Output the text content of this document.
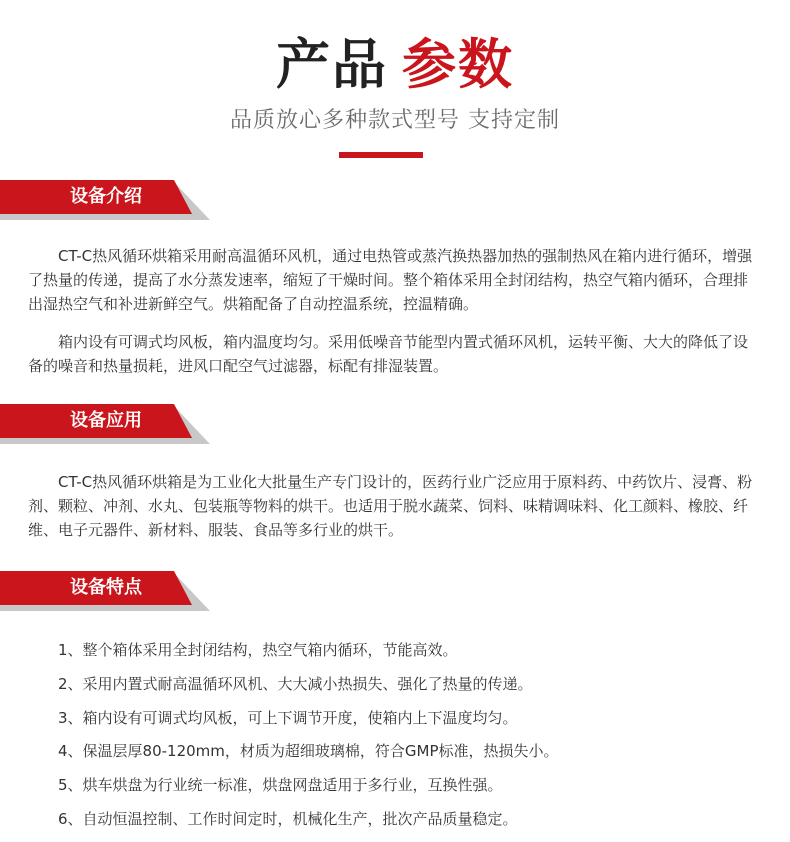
产品 参数
品质放心多种款式型号 支持定制
设备介绍

CT-C热风循环烘箱采用耐高温循环风机，通过电热管或蒸汽换热器加热的强制热风在箱内进行循环，增强了热量的传递，提高了水分蒸发速率，缩短了干燥时间。整个箱体采用全封闭结构，热空气箱内循环，合理排出湿热空气和补进新鲜空气。烘箱配备了自动控温系统，控温精确。

箱内设有可调式均风板，箱内温度均匀。采用低噪音节能型内置式循环风机，运转平衡、大大的降低了设备的噪音和热量损耗，进风口配空气过滤器，标配有排湿装置。

设备应用

CT-C热风循环烘箱是为工业化大批量生产专门设计的，医药行业广泛应用于原料药、中药饮片、浸膏、粉剂、颗粒、冲剂、水丸、包装瓶等物料的烘干。也适用于脱水蔬菜、饲料、味精调味料、化工颜料、橡胶、纤维、电子元器件、新材料、服装、食品等多行业的烘干。

设备特点
1、整个箱体采用全封闭结构，热空气箱内循环，节能高效。
2、采用内置式耐高温循环风机、大大减小热损失、强化了热量的传递。
3、箱内设有可调式均风板，可上下调节开度，使箱内上下温度均匀。
4、保温层厚80-120mm，材质为超细玻璃棉，符合GMP标准，热损失小。
5、烘车烘盘为行业统一标准，烘盘网盘适用于多行业，互换性强。
6、自动恒温控制、工作时间定时，机械化生产，批次产品质量稳定。
